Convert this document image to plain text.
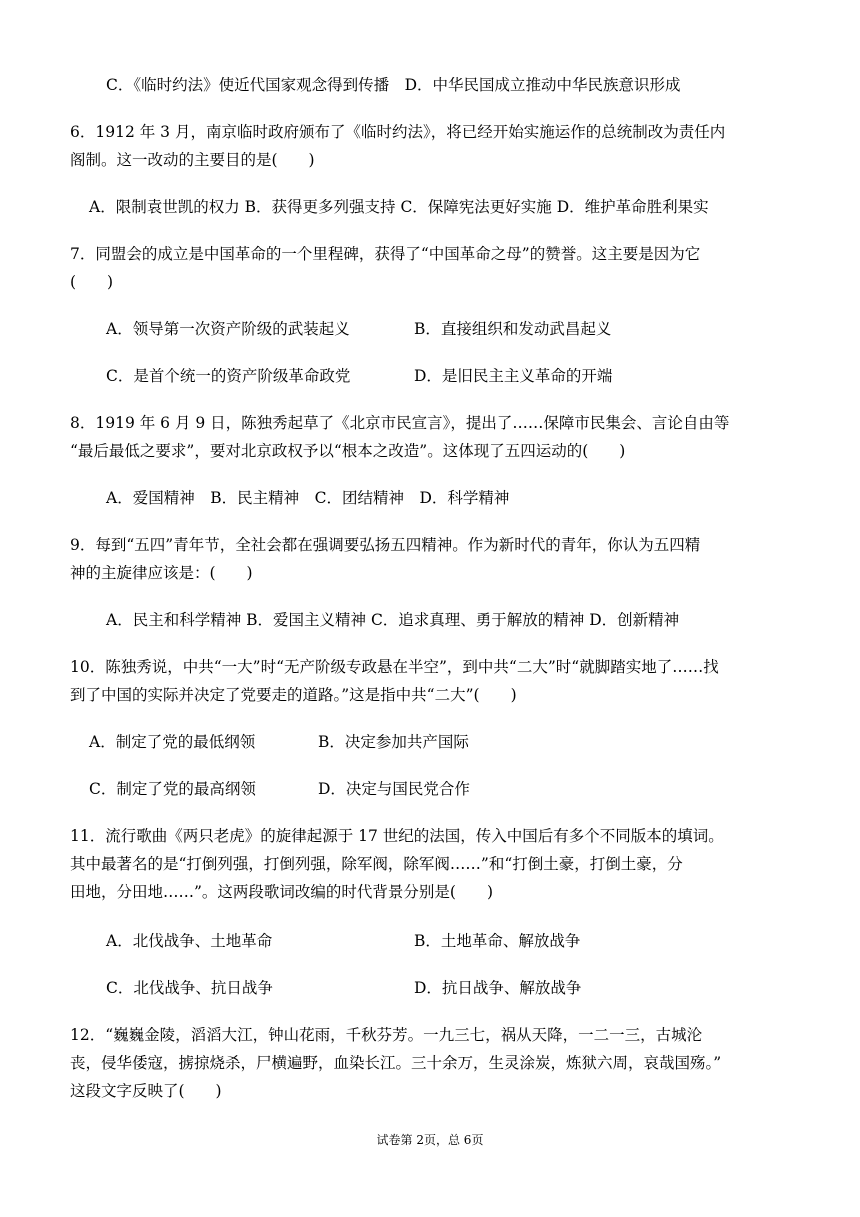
C．《临时约法》使近代国家观念得到传播　D．中华民国成立推动中华民族意识形成
6．1912 年 3 月，南京临时政府颁布了《临时约法》，将已经开始实施运作的总统制改为责任内
阁制。这一改动的主要目的是(　　)
A．限制袁世凯的权力 B．获得更多列强支持 C．保障宪法更好实施 D．维护革命胜利果实
7．同盟会的成立是中国革命的一个里程碑，获得了“中国革命之母”的赞誉。这主要是因为它
(　　)
A．领导第一次资产阶级的武装起义	B．直接组织和发动武昌起义
C．是首个统一的资产阶级革命政党	D．是旧民主主义革命的开端
8．1919 年 6 月 9 日，陈独秀起草了《北京市民宣言》，提出了……保障市民集会、言论自由等
“最后最低之要求”，要对北京政权予以“根本之改造”。这体现了五四运动的(　　)
A．爱国精神　B．民主精神　C．团结精神　D．科学精神
9．每到“五四”青年节，全社会都在强调要弘扬五四精神。作为新时代的青年，你认为五四精
神的主旋律应该是：(　　)
A．民主和科学精神 B．爱国主义精神 C．追求真理、勇于解放的精神 D．创新精神
10．陈独秀说，中共“一大”时“无产阶级专政悬在半空”，到中共“二大”时“就脚踏实地了……找
到了中国的实际并决定了党要走的道路。”这是指中共“二大”(　　)
A．制定了党的最低纲领	B．决定参加共产国际
C．制定了党的最高纲领	D．决定与国民党合作
11．流行歌曲《两只老虎》的旋律起源于 17 世纪的法国，传入中国后有多个不同版本的填词。
其中最著名的是“打倒列强，打倒列强，除军阀，除军阀……”和“打倒土豪，打倒土豪，分
田地，分田地……”。这两段歌词改编的时代背景分别是(　　)
A．北伐战争、土地革命	B．土地革命、解放战争
C．北伐战争、抗日战争	D．抗日战争、解放战争
12．“巍巍金陵，滔滔大江，钟山花雨，千秋芬芳。一九三七，祸从天降，一二一三，古城沦
丧，侵华倭寇，掳掠烧杀，尸横遍野，血染长江。三十余万，生灵涂炭，炼狱六周，哀哉国殇。”
这段文字反映了(　　)
试卷第 2页，总 6页
